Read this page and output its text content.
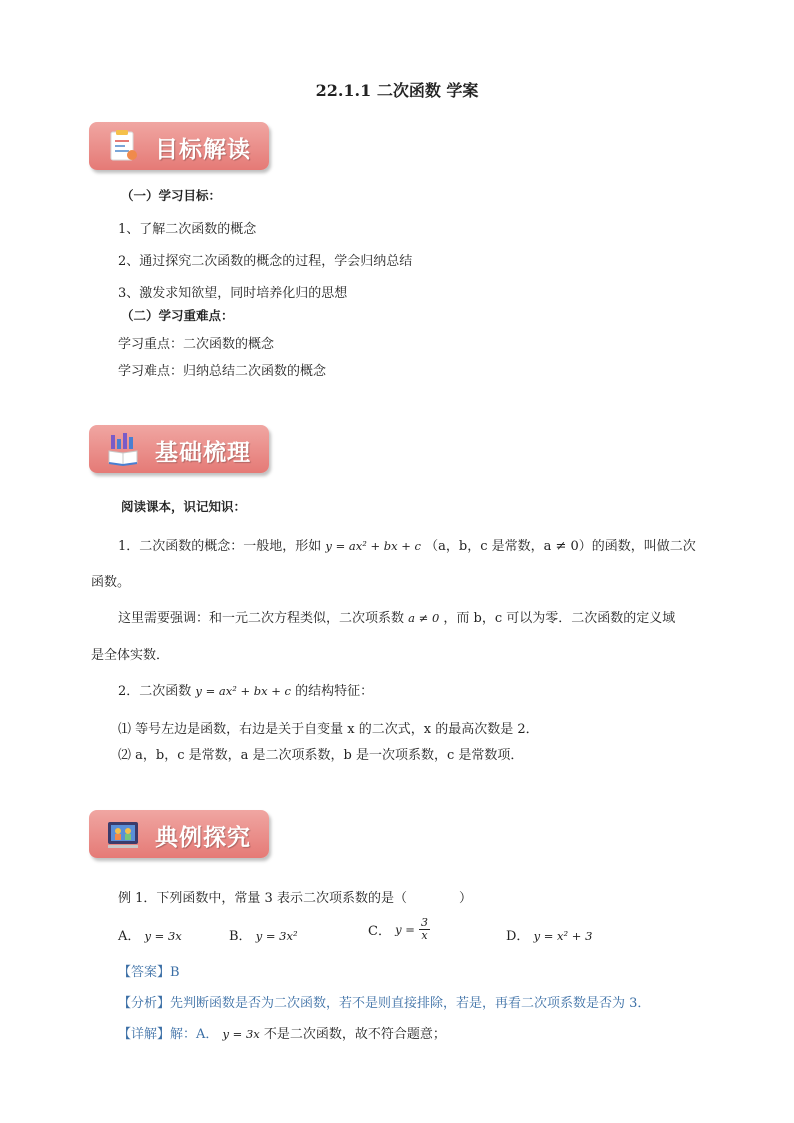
22.1.1 二次函数 学案
目标解读
（一）学习目标：
1、了解二次函数的概念
2、通过探究二次函数的概念的过程，学会归纳总结
3、激发求知欲望，同时培养化归的思想
（二）学习重难点：
学习重点：二次函数的概念
学习难点：归纳总结二次函数的概念
基础梳理
阅读课本，识记知识：
1．二次函数的概念：一般地，形如 y = ax² + bx + c （a，b，c 是常数，a ≠ 0）的函数，叫做二次
函数。
这里需要强调：和一元二次方程类似，二次项系数 a ≠ 0 ，而 b，c 可以为零．二次函数的定义域
是全体实数．
2．二次函数 y = ax² + bx + c 的结构特征：
⑴ 等号左边是函数，右边是关于自变量 x 的二次式，x 的最高次数是 2．
⑵ a，b，c 是常数，a 是二次项系数，b 是一次项系数，c 是常数项．
典例探究
例 1．下列函数中，常量 3 表示二次项系数的是（　　　　）
A． y = 3x	B． y = 3x²	C． $y = \frac{3}{x}$	D． y = x² + 3
【答案】B
【分析】先判断函数是否为二次函数，若不是则直接排除，若是，再看二次项系数是否为 3．
【详解】解：A． y = 3x 不是二次函数，故不符合题意；
